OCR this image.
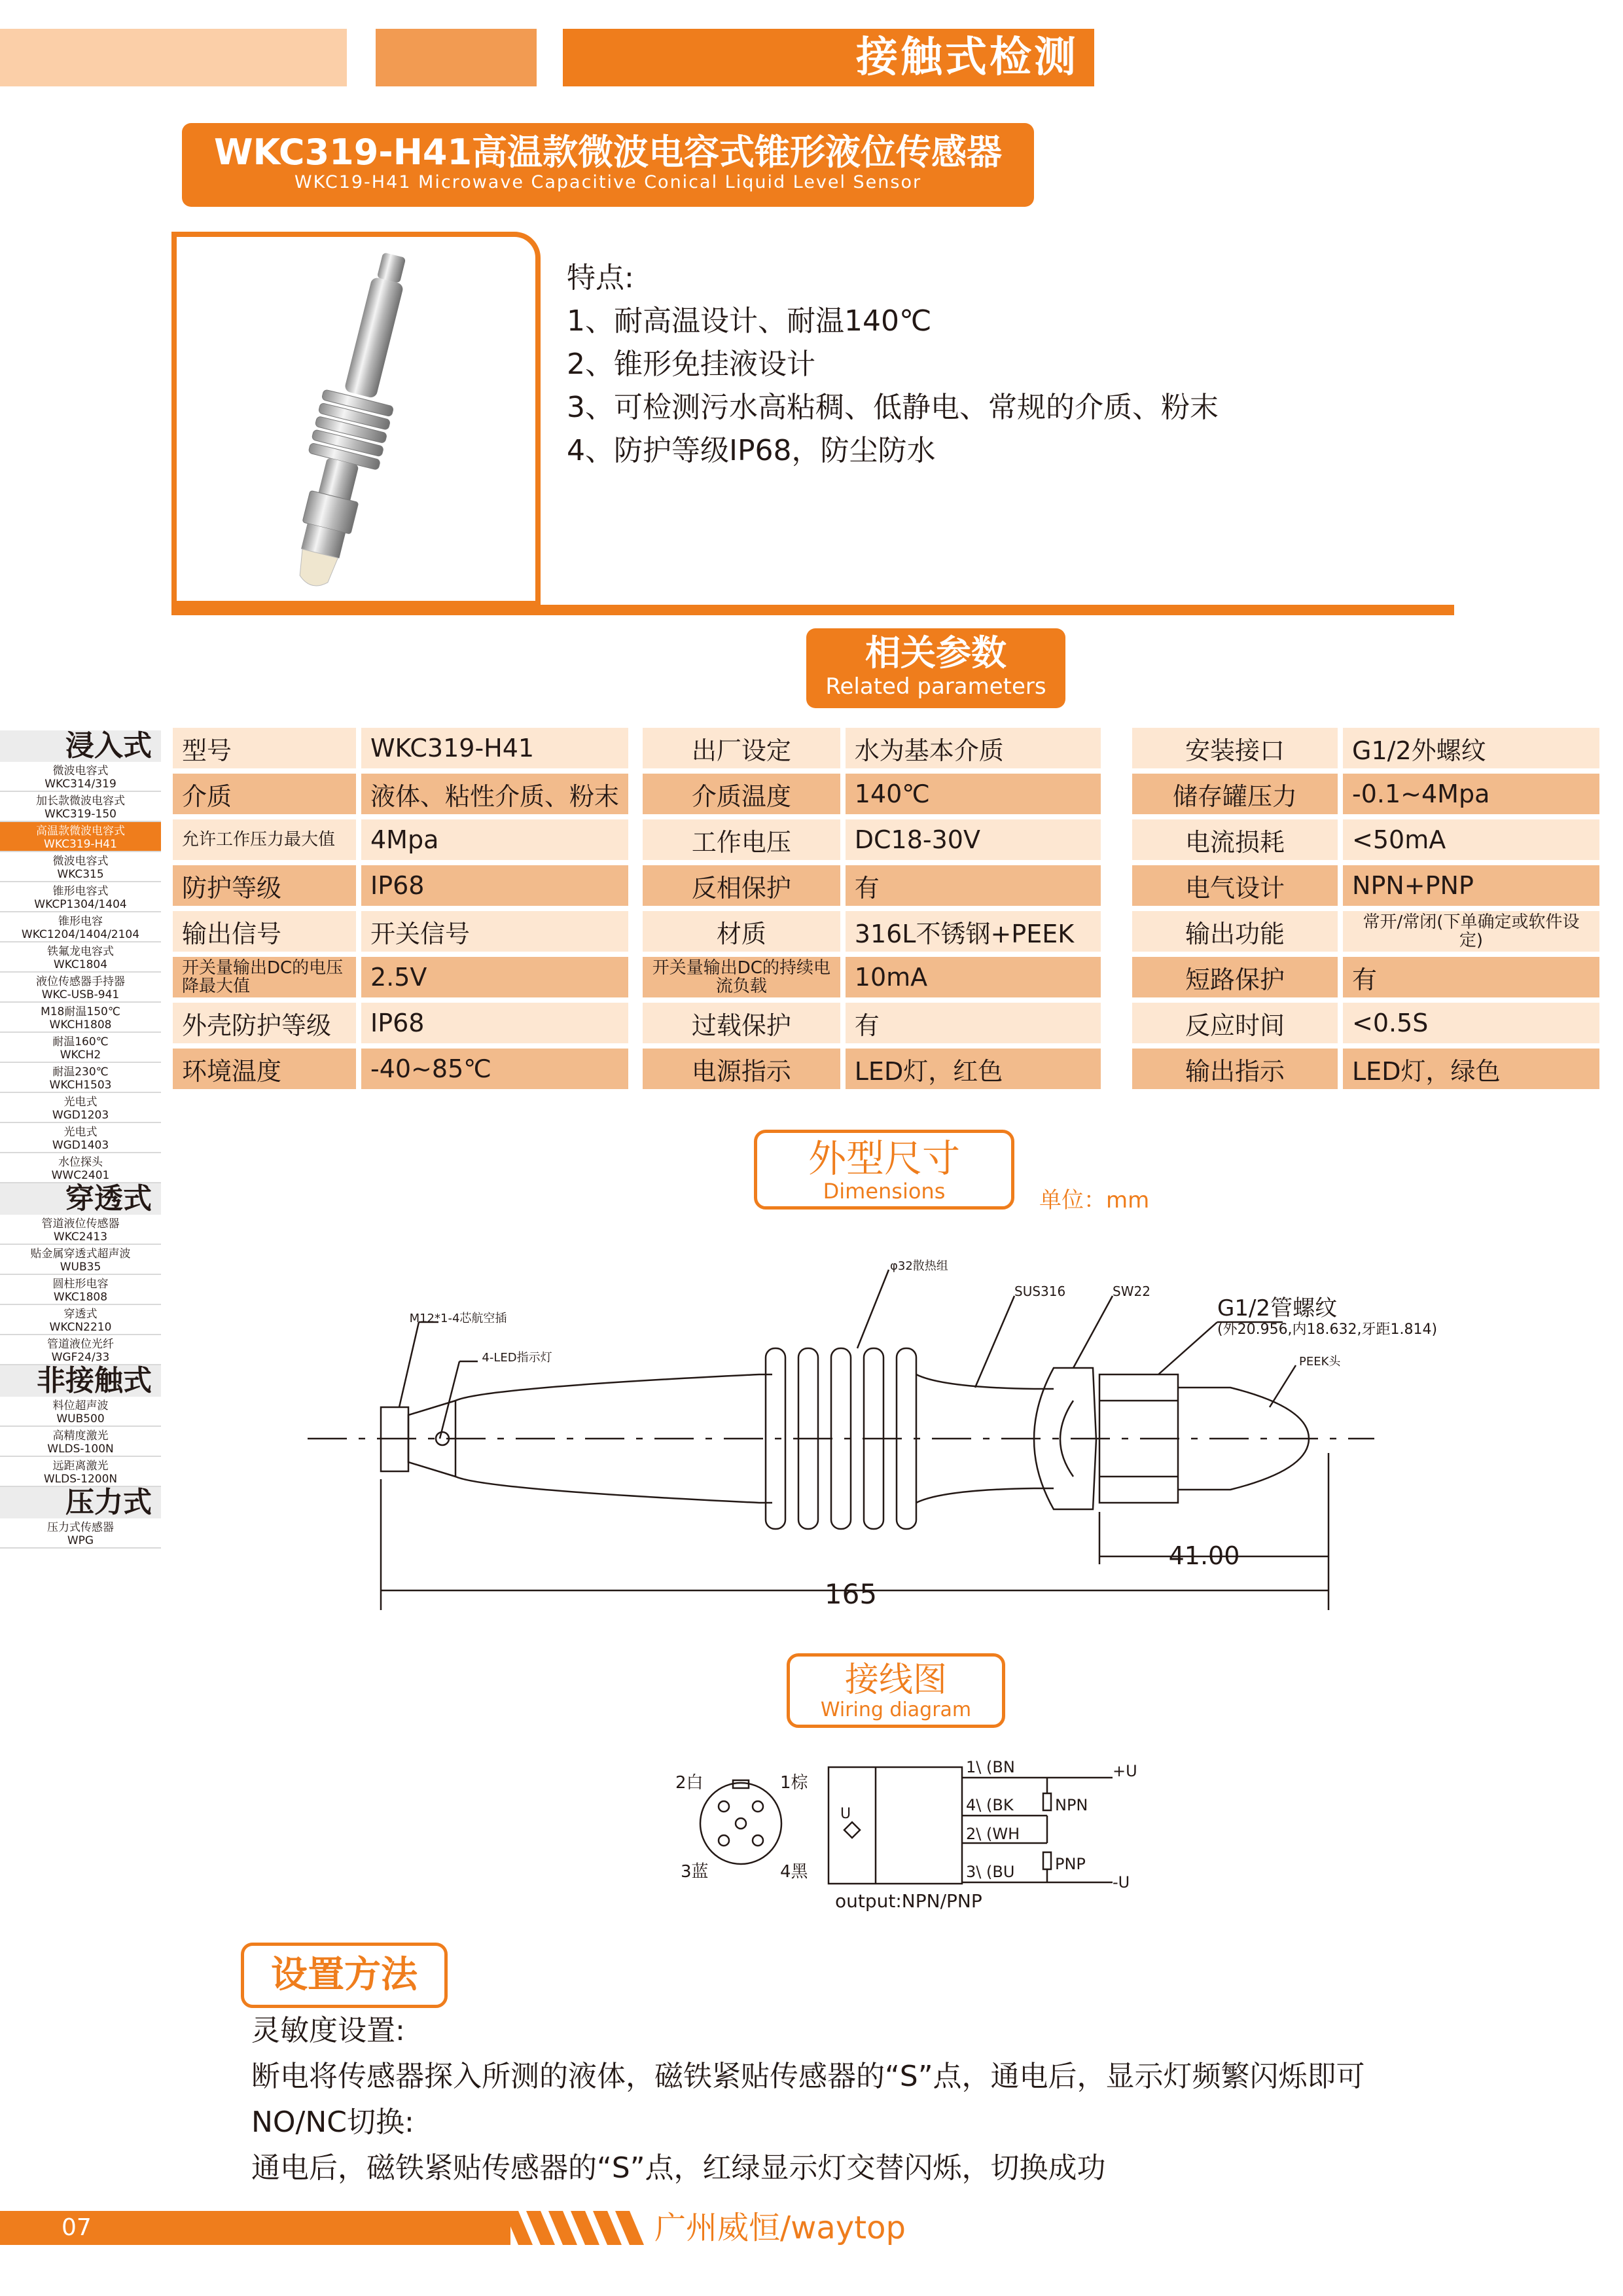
接触式检测
WKC319-H41高温款微波电容式锥形液位传感器
WKC19-H41 Microwave Capacitive Conical Liquid Level Sensor
特点:
1、耐高温设计、耐温140℃
2、锥形免挂液设计
3、可检测污水高粘稠、低静电、常规的介质、粉末
4、防护等级IP68，防尘防水
相关参数
Related parameters
浸入式
微波电容式
WKC314/319
加长款微波电容式
WKC319-150
高温款微波电容式
WKC319-H41
微波电容式
WKC315
锥形电容式
WKCP1304/1404
锥形电容
WKC1204/1404/2104
铁氟龙电容式
WKC1804
液位传感器手持器
WKC-USB-941
M18耐温150℃
WKCH1808
耐温160℃
WKCH2
耐温230℃
WKCH1503
光电式
WGD1203
光电式
WGD1403
水位探头
WWC2401
穿透式
管道液位传感器
WKC2413
贴金属穿透式超声波
WUB35
圆柱形电容
WKC1808
穿透式
WKCN2210
管道液位光纤
WGF24/33
非接触式
料位超声波
WUB500
高精度激光
WLDS-100N
远距离激光
WLDS-1200N
压力式
压力式传感器
WPG
型号	WKC319-H41
介质	液体、粘性介质、粉末
允许工作压力最大值	4Mpa
防护等级	IP68
输出信号	开关信号
开关量输出DC的电压降最大值	2.5V
外壳防护等级	IP68
环境温度	-40~85℃
出厂设定	水为基本介质
介质温度	140℃
工作电压	DC18-30V
反相保护	有
材质	316L不锈钢+PEEK
开关量输出DC的持续电流负载	10mA
过载保护	有
电源指示	LED灯，红色
安装接口	G1/2外螺纹
储存罐压力	-0.1~4Mpa
电流损耗	<50mA
电气设计	NPN+PNP
输出功能	常开/常闭(下单确定或软件设定)
短路保护	有
反应时间	<0.5S
输出指示	LED灯，绿色
外型尺寸
Dimensions	单位：mm
M12*1-4芯航空插
4-LED指示灯
φ32散热组
SUS316	SW22
G1/2管螺纹
(外20.956,内18.632,牙距1.814)
PEEK头
41.00
165
接线图
Wiring diagram
1棕
2白
3蓝	4黑
U
1\ (BN
4\ (BK
2\ (WH
3\ (BU
+U
NPN
PNP
-U
output:NPN/PNP
设置方法
灵敏度设置:
断电将传感器探入所测的液体，磁铁紧贴传感器的“S”点，通电后，显示灯频繁闪烁即可
NO/NC切换:
通电后，磁铁紧贴传感器的“S”点，红绿显示灯交替闪烁，切换成功
07	广州威恒/waytop
